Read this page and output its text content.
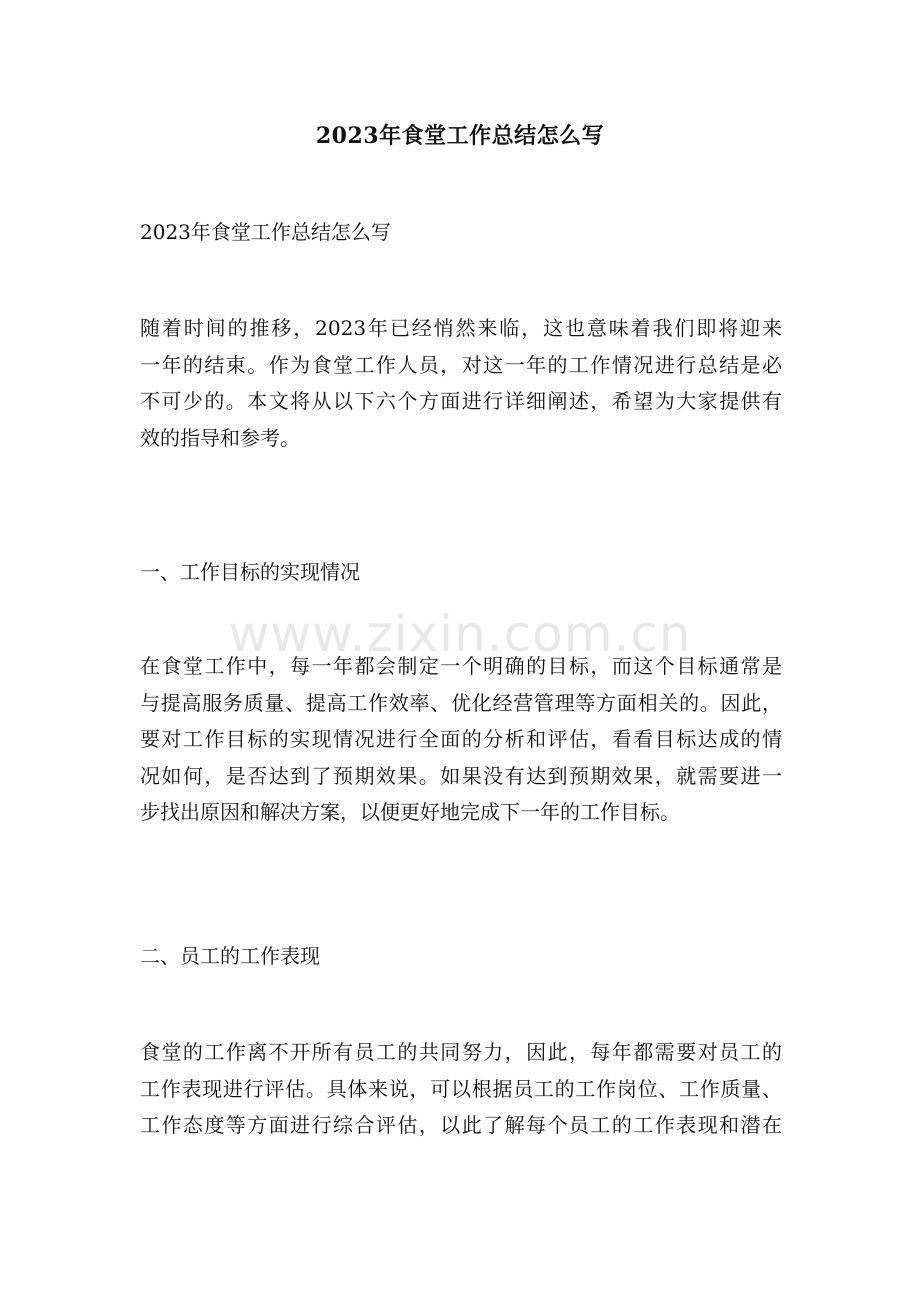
2023年食堂工作总结怎么写
2023年食堂工作总结怎么写
随着时间的推移，2023年已经悄然来临，这也意味着我们即将迎来
一年的结束。作为食堂工作人员，对这一年的工作情况进行总结是必
不可少的。本文将从以下六个方面进行详细阐述，希望为大家提供有
效的指导和参考。
一、工作目标的实现情况
www.zixin.com.cn
在食堂工作中，每一年都会制定一个明确的目标，而这个目标通常是
与提高服务质量、提高工作效率、优化经营管理等方面相关的。因此，
要对工作目标的实现情况进行全面的分析和评估，看看目标达成的情
况如何，是否达到了预期效果。如果没有达到预期效果，就需要进一
步找出原因和解决方案，以便更好地完成下一年的工作目标。
二、员工的工作表现
食堂的工作离不开所有员工的共同努力，因此，每年都需要对员工的
工作表现进行评估。具体来说，可以根据员工的工作岗位、工作质量、
工作态度等方面进行综合评估，以此了解每个员工的工作表现和潜在
